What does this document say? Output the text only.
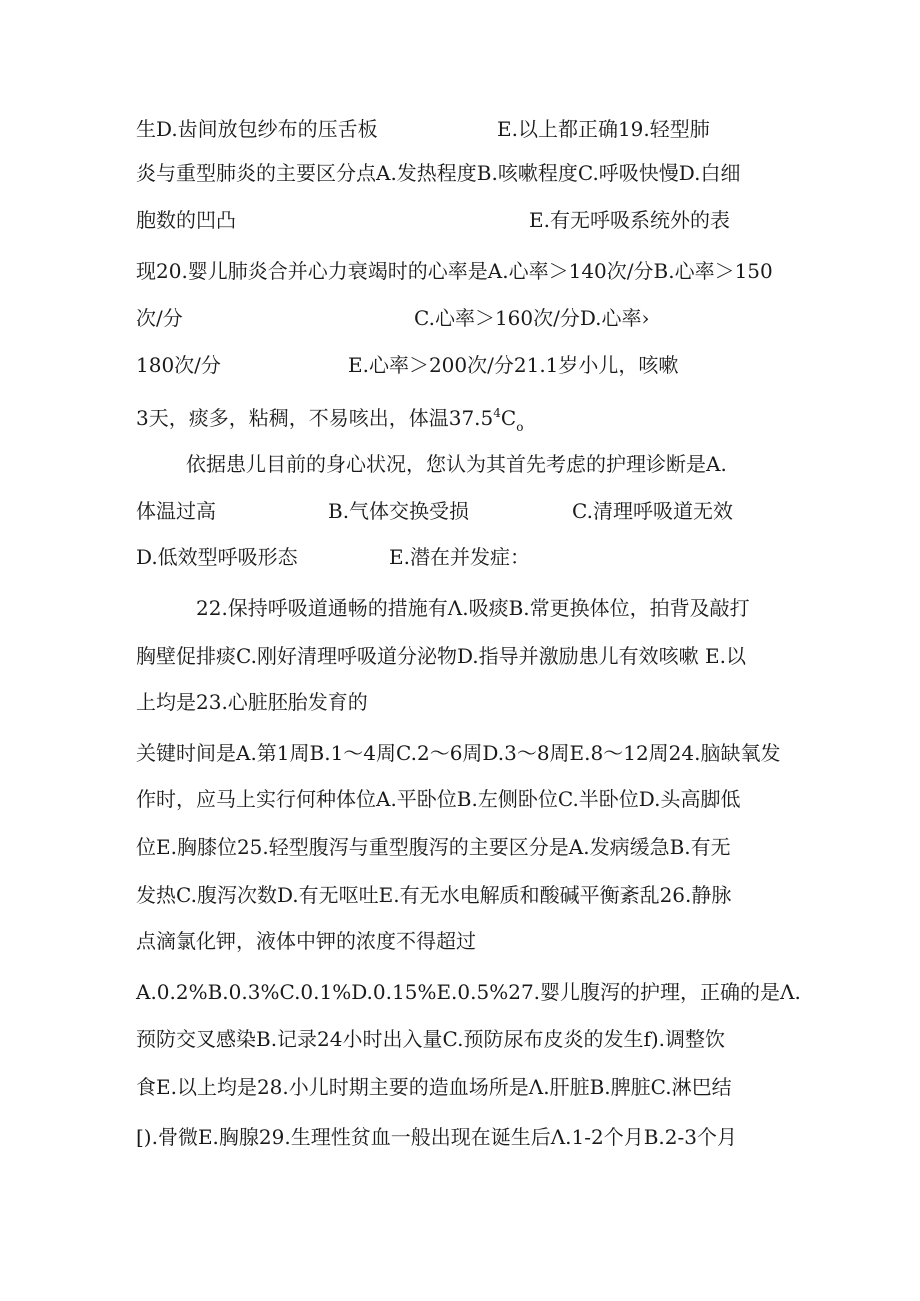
生D.齿间放包纱布的压舌板

	E.以上都正确19.轻型肺

炎与重型肺炎的主要区分点A.发热程度B.咳嗽程度C.呼吸快慢D.白细

胞数的凹凸

	E.有无呼吸系统外的表

现20.婴儿肺炎合并心力衰竭时的心率是A.心率＞140次/分B.心率＞150

次/分

	C.心率＞160次/分D.心率›

180次/分

	E.心率＞200次/分21.1岁小儿，咳嗽

3天，痰多，粘稠，不易咳出，体温$37.5^4C_o$

依据患儿目前的身心状况，您认为其首先考虑的护理诊断是A.

体温过高

	B.气体交换受损

	C.清理呼吸道无效

D.低效型呼吸形态

	E.潜在并发症：

22.保持呼吸道通畅的措施有Λ.吸痰B.常更换体位，拍背及敲打

胸壁促排痰C.刚好清理呼吸道分泌物D.指导并激励患儿有效咳嗽 E.以

上均是23.心脏胚胎发育的

关键时间是A.第1周B.1～4周C.2～6周D.3～8周E.8～12周24.脑缺氧发

作时，应马上实行何种体位A.平卧位B.左侧卧位C.半卧位D.头高脚低

位E.胸膝位25.轻型腹泻与重型腹泻的主要区分是A.发病缓急B.有无

发热C.腹泻次数D.有无呕吐E.有无水电解质和酸碱平衡紊乱26.静脉

点滴氯化钾，液体中钾的浓度不得超过

A.0.2%B.0.3%C.0.1%D.0.15%E.0.5%27.婴儿腹泻的护理，正确的是Λ.

预防交叉感染B.记录24小时出入量C.预防尿布皮炎的发生f).调整饮

食E.以上均是28.小儿时期主要的造血场所是Λ.肝脏B.脾脏C.淋巴结

[).骨微E.胸腺29.生理性贫血一般出现在诞生后Λ.1-2个月B.2-3个月
